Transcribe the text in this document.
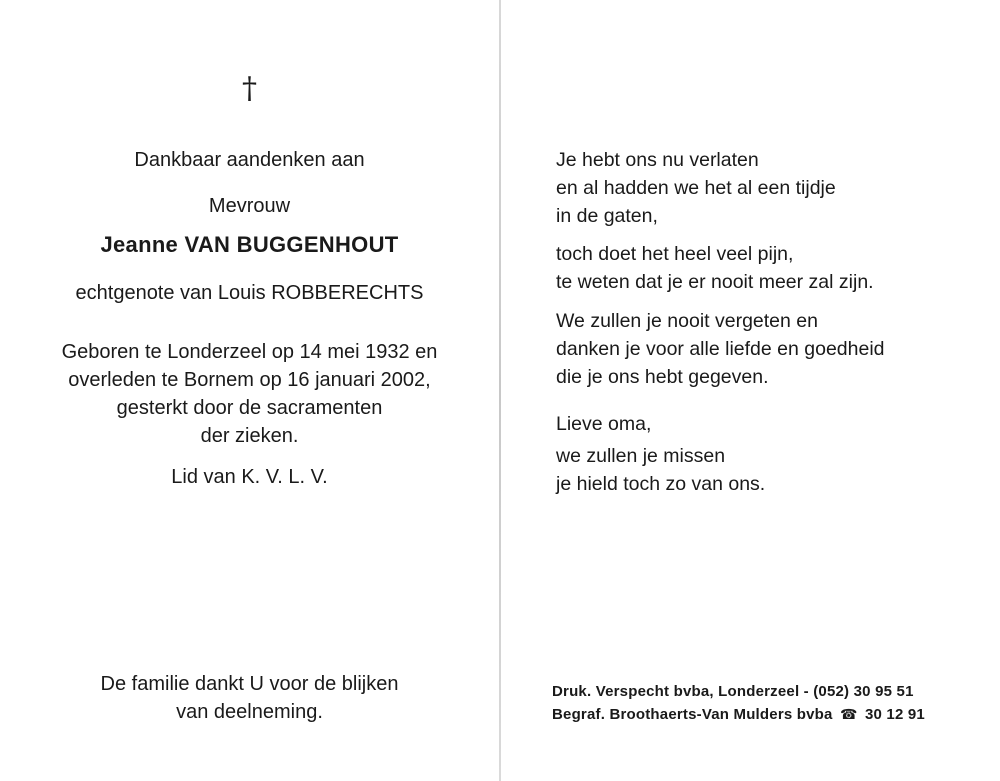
†
Dankbaar aandenken aan
Mevrouw
Jeanne VAN BUGGENHOUT
echtgenote van Louis ROBBERECHTS
Geboren te Londerzeel op 14 mei 1932 en
overleden te Bornem op 16 januari 2002,
gesterkt door de sacramenten
der zieken.
Lid van K. V. L. V.
De familie dankt U voor de blijken
van deelneming.
Je hebt ons nu verlaten
en al hadden we het al een tijdje
in de gaten,
toch doet het heel veel pijn,
te weten dat je er nooit meer zal zijn.
We zullen je nooit vergeten en
danken je voor alle liefde en goedheid
die je ons hebt gegeven.
Lieve oma,
we zullen je missen
je hield toch zo van ons.
Druk. Verspecht bvba, Londerzeel - (052) 30 95 51
Begraf. Broothaerts-Van Mulders bvba ☎ 30 12 91
